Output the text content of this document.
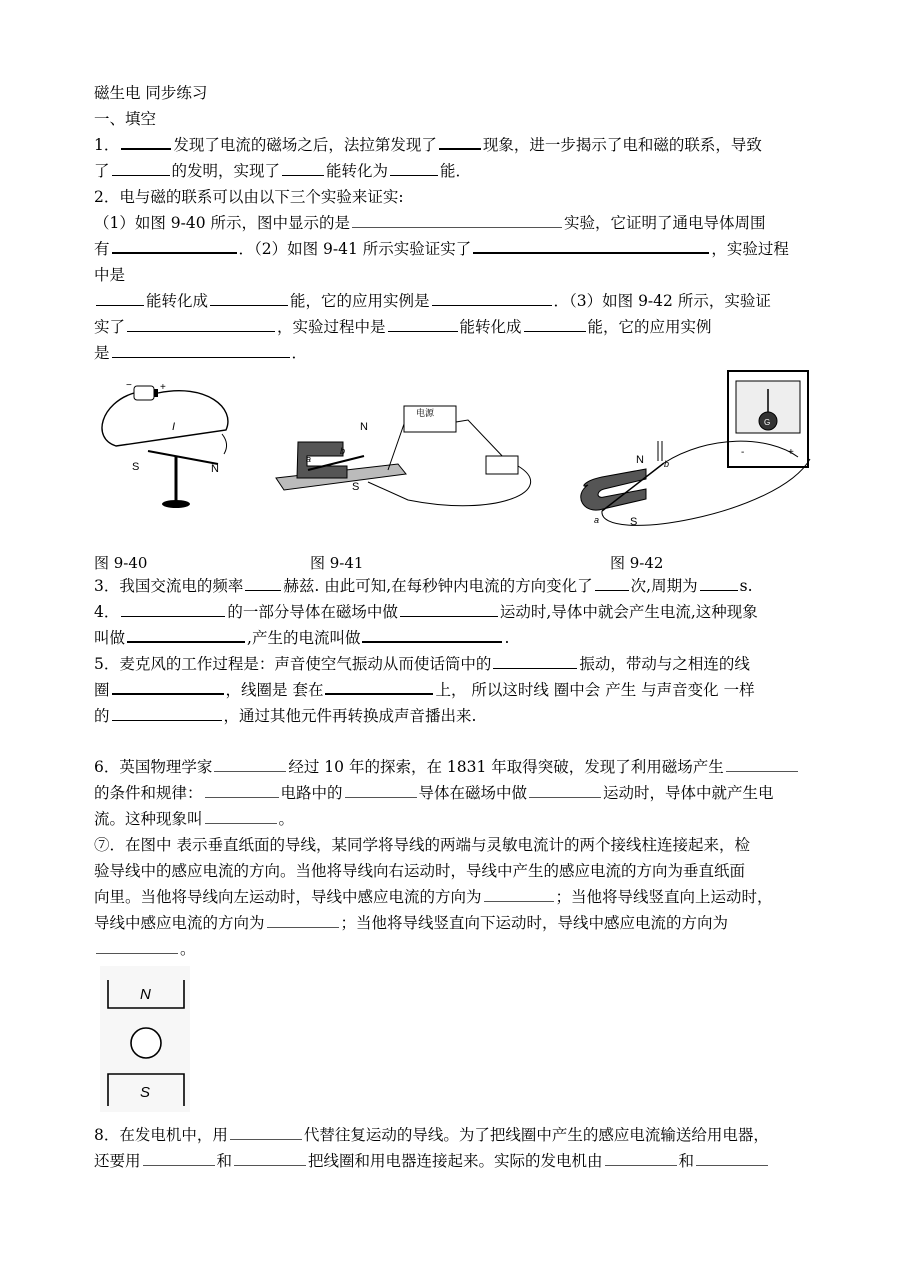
磁生电 同步练习
一、填空
1．	发现了电流的磁场之后，法拉第发现了	现象，进一步揭示了电和磁的联系，导致
了	的发明，实现了	能转化为	能．
2．电与磁的联系可以由以下三个实验来证实:
（1）如图 9-40 所示，图中显示的是	实验，它证明了通电导体周围
有	．（2）如图 9-41 所示实验证实了	，实验过程
中是
能转化成	能，它的应用实例是	．（3）如图 9-42 所示，实验证
实了	，实验过程中是	能转化成	能，它的应用实例
是	．
−	+
I
S	N
电源
N
S
a
b
G
-	+
N
S
a
b
图 9-40	图 9-41	图 9-42
3．我国交流电的频率	赫兹. 由此可知,在每秒钟内电流的方向变化了 次,周期为	s.
4．	的一部分导体在磁场中做	运动时,导体中就会产生电流,这种现象
叫做	,产生的电流叫做	.
5．麦克风的工作过程是：声音使空气振动从而使话筒中的	振动，带动与之相连的线
圈	，线圈是 套在	上， 所以这时线 圈中会 产生 与声音变化 一样
的	，通过其他元件再转换成声音播出来.
6．英国物理学家	经过 10 年的探索，在 1831 年取得突破，发现了利用磁场产生
的条件和规律：	电路中的	导体在磁场中做	运动时，导体中就产生电
流。这种现象叫	。
⑦．在图中 表示垂直纸面的导线，某同学将导线的两端与灵敏电流计的两个接线柱连接起来，检
验导线中的感应电流的方向。当他将导线向右运动时，导线中产生的感应电流的方向为垂直纸面
向里。当他将导线向左运动时，导线中感应电流的方向为	；当他将导线竖直向上运动时，
导线中感应电流的方向为	；当他将导线竖直向下运动时，导线中感应电流的方向为
。
N
S
8．在发电机中，用	代替往复运动的导线。为了把线圈中产生的感应电流输送给用电器，
还要用	和	把线圈和用电器连接起来。实际的发电机由	和
